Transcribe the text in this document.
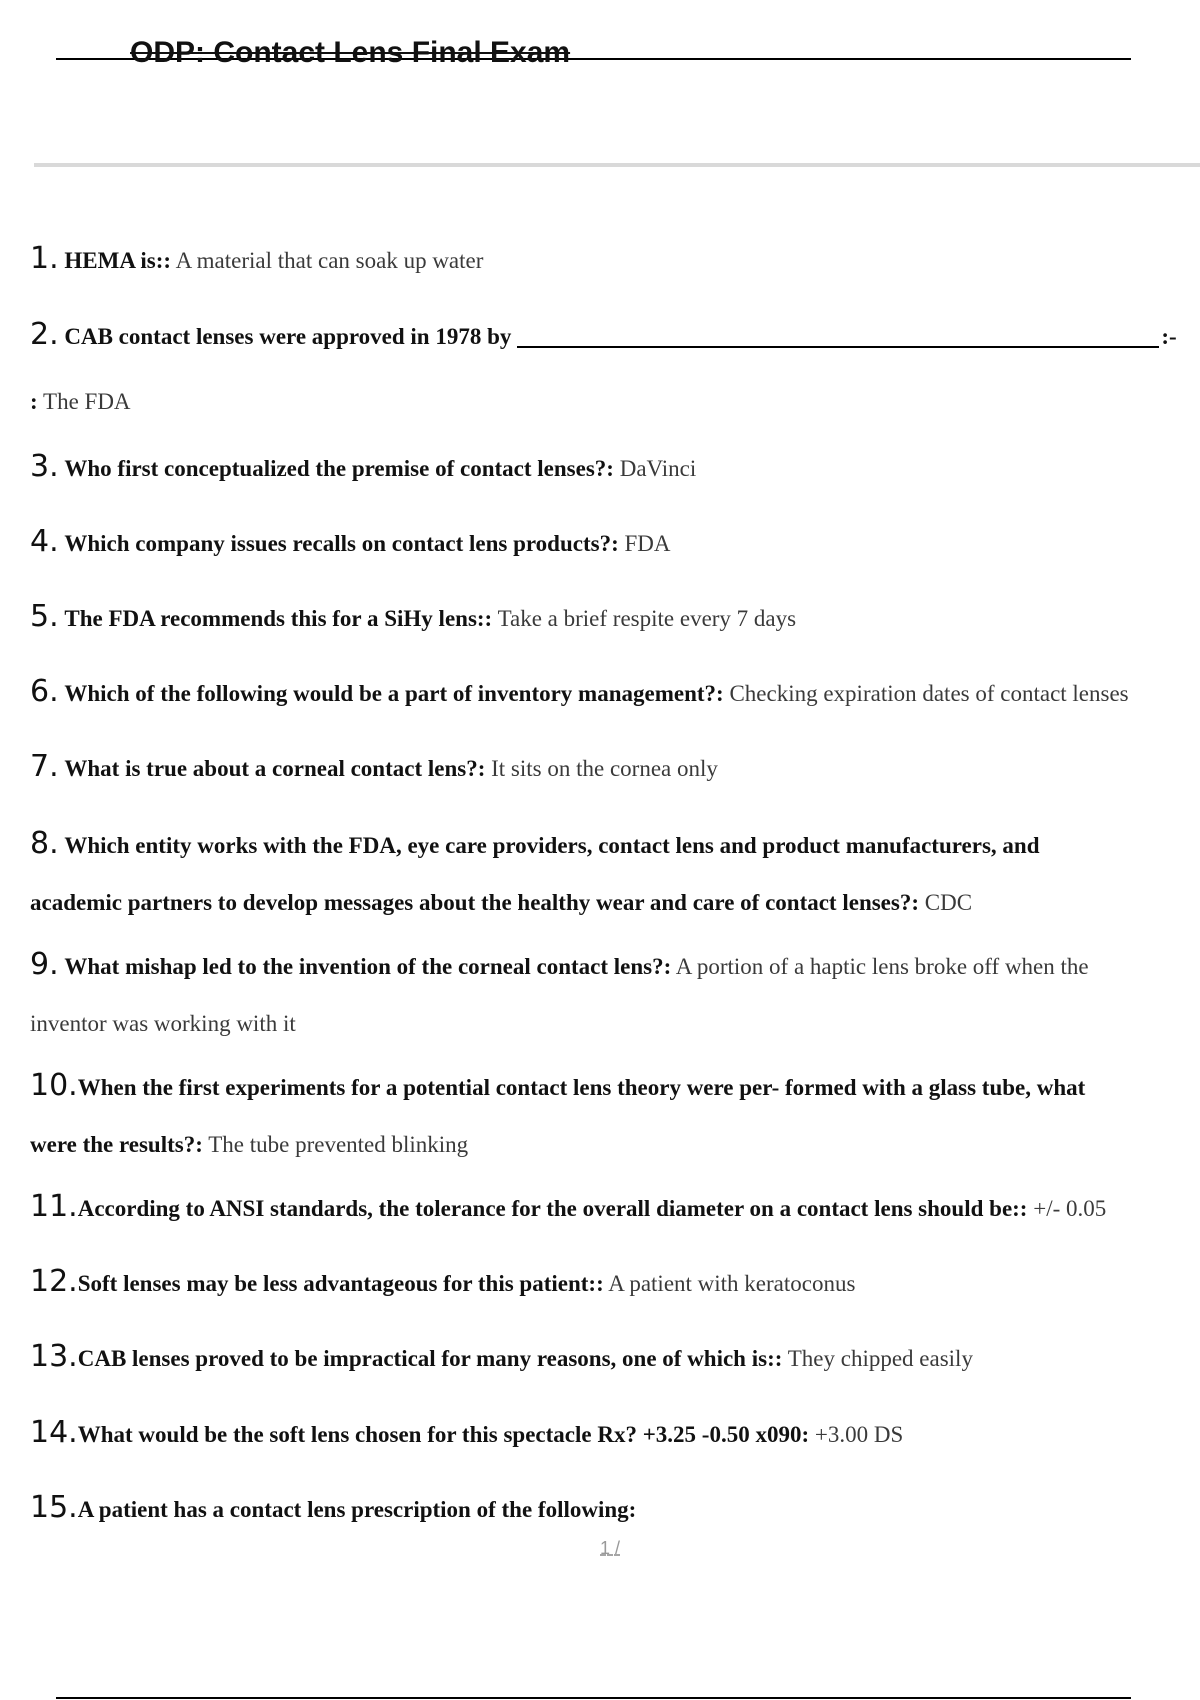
ODP: Contact Lens Final Exam
1. HEMA is:: A material that can soak up water
2. CAB contact lenses were approved in 1978 by	:-
: The FDA
3. Who first conceptualized the premise of contact lenses?: DaVinci
4. Which company issues recalls on contact lens products?: FDA
5. The FDA recommends this for a SiHy lens:: Take a brief respite every 7 days
6. Which of the following would be a part of inventory management?: Checking expiration dates of contact lenses
7. What is true about a corneal contact lens?: It sits on the cornea only
8. Which entity works with the FDA, eye care providers, contact lens and product manufacturers, and
academic partners to develop messages about the healthy wear and care of contact lenses?: CDC
9. What mishap led to the invention of the corneal contact lens?: A portion of a haptic lens broke off when the
inventor was working with it
10.When the first experiments for a potential contact lens theory were per- formed with a glass tube, what
were the results?: The tube prevented blinking
11.According to ANSI standards, the tolerance for the overall diameter on a contact lens should be:: +/- 0.05
12.Soft lenses may be less advantageous for this patient:: A patient with keratoconus
13.CAB lenses proved to be impractical for many reasons, one of which is:: They chipped easily
14.What would be the soft lens chosen for this spectacle Rx? +3.25 -0.50 x090: +3.00 DS
15.A patient has a contact lens prescription of the following:
1 /
